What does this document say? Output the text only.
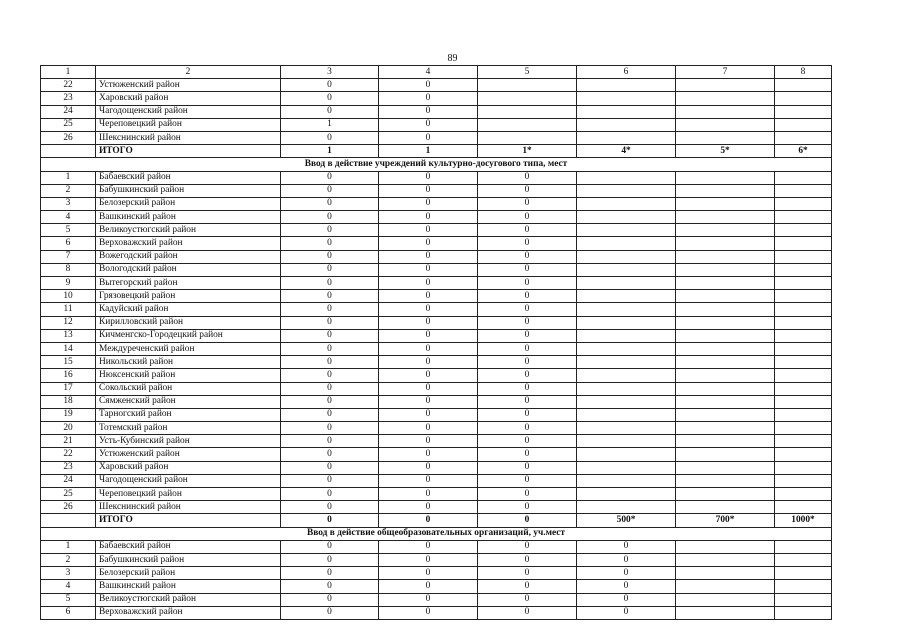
89
1	2	3	4	5	6	7	8
22	Устюженский район	0	0				
23	Харовский район	0	0				
24	Чагодощенский район	0	0				
25	Череповецкий район	1	0				
26	Шекснинский район	0	0				
	ИТОГО	1	1	1*	4*	5*	6*
Ввод в действие учреждений культурно-досугового типа, мест							
1	Бабаевский район	0	0	0			
2	Бабушкинский район	0	0	0			
3	Белозерский район	0	0	0			
4	Вашкинский район	0	0	0			
5	Великоустюгский район	0	0	0			
6	Верховажский район	0	0	0			
7	Вожегодский район	0	0	0			
8	Вологодский район	0	0	0			
9	Вытегорский район	0	0	0			
10	Грязовецкий район	0	0	0			
11	Кадуйский район	0	0	0			
12	Кирилловский район	0	0	0			
13	Кичменгско-Городецкий район	0	0	0			
14	Междуреченский район	0	0	0			
15	Никольский район	0	0	0			
16	Нюксенский район	0	0	0			
17	Сокольский район	0	0	0			
18	Сямженский район	0	0	0			
19	Тарногский район	0	0	0			
20	Тотемский район	0	0	0			
21	Усть-Кубинский район	0	0	0			
22	Устюженский район	0	0	0			
23	Харовский район	0	0	0			
24	Чагодощенский район	0	0	0			
25	Череповецкий район	0	0	0			
26	Шекснинский район	0	0	0			
	ИТОГО	0	0	0	500*	700*	1000*
Ввод в действие общеобразовательных организаций, уч.мест							
1	Бабаевский район	0	0	0	0		
2	Бабушкинский район	0	0	0	0		
3	Белозерский район	0	0	0	0		
4	Вашкинский район	0	0	0	0		
5	Великоустюгский район	0	0	0	0		
6	Верховажский район	0	0	0	0		
